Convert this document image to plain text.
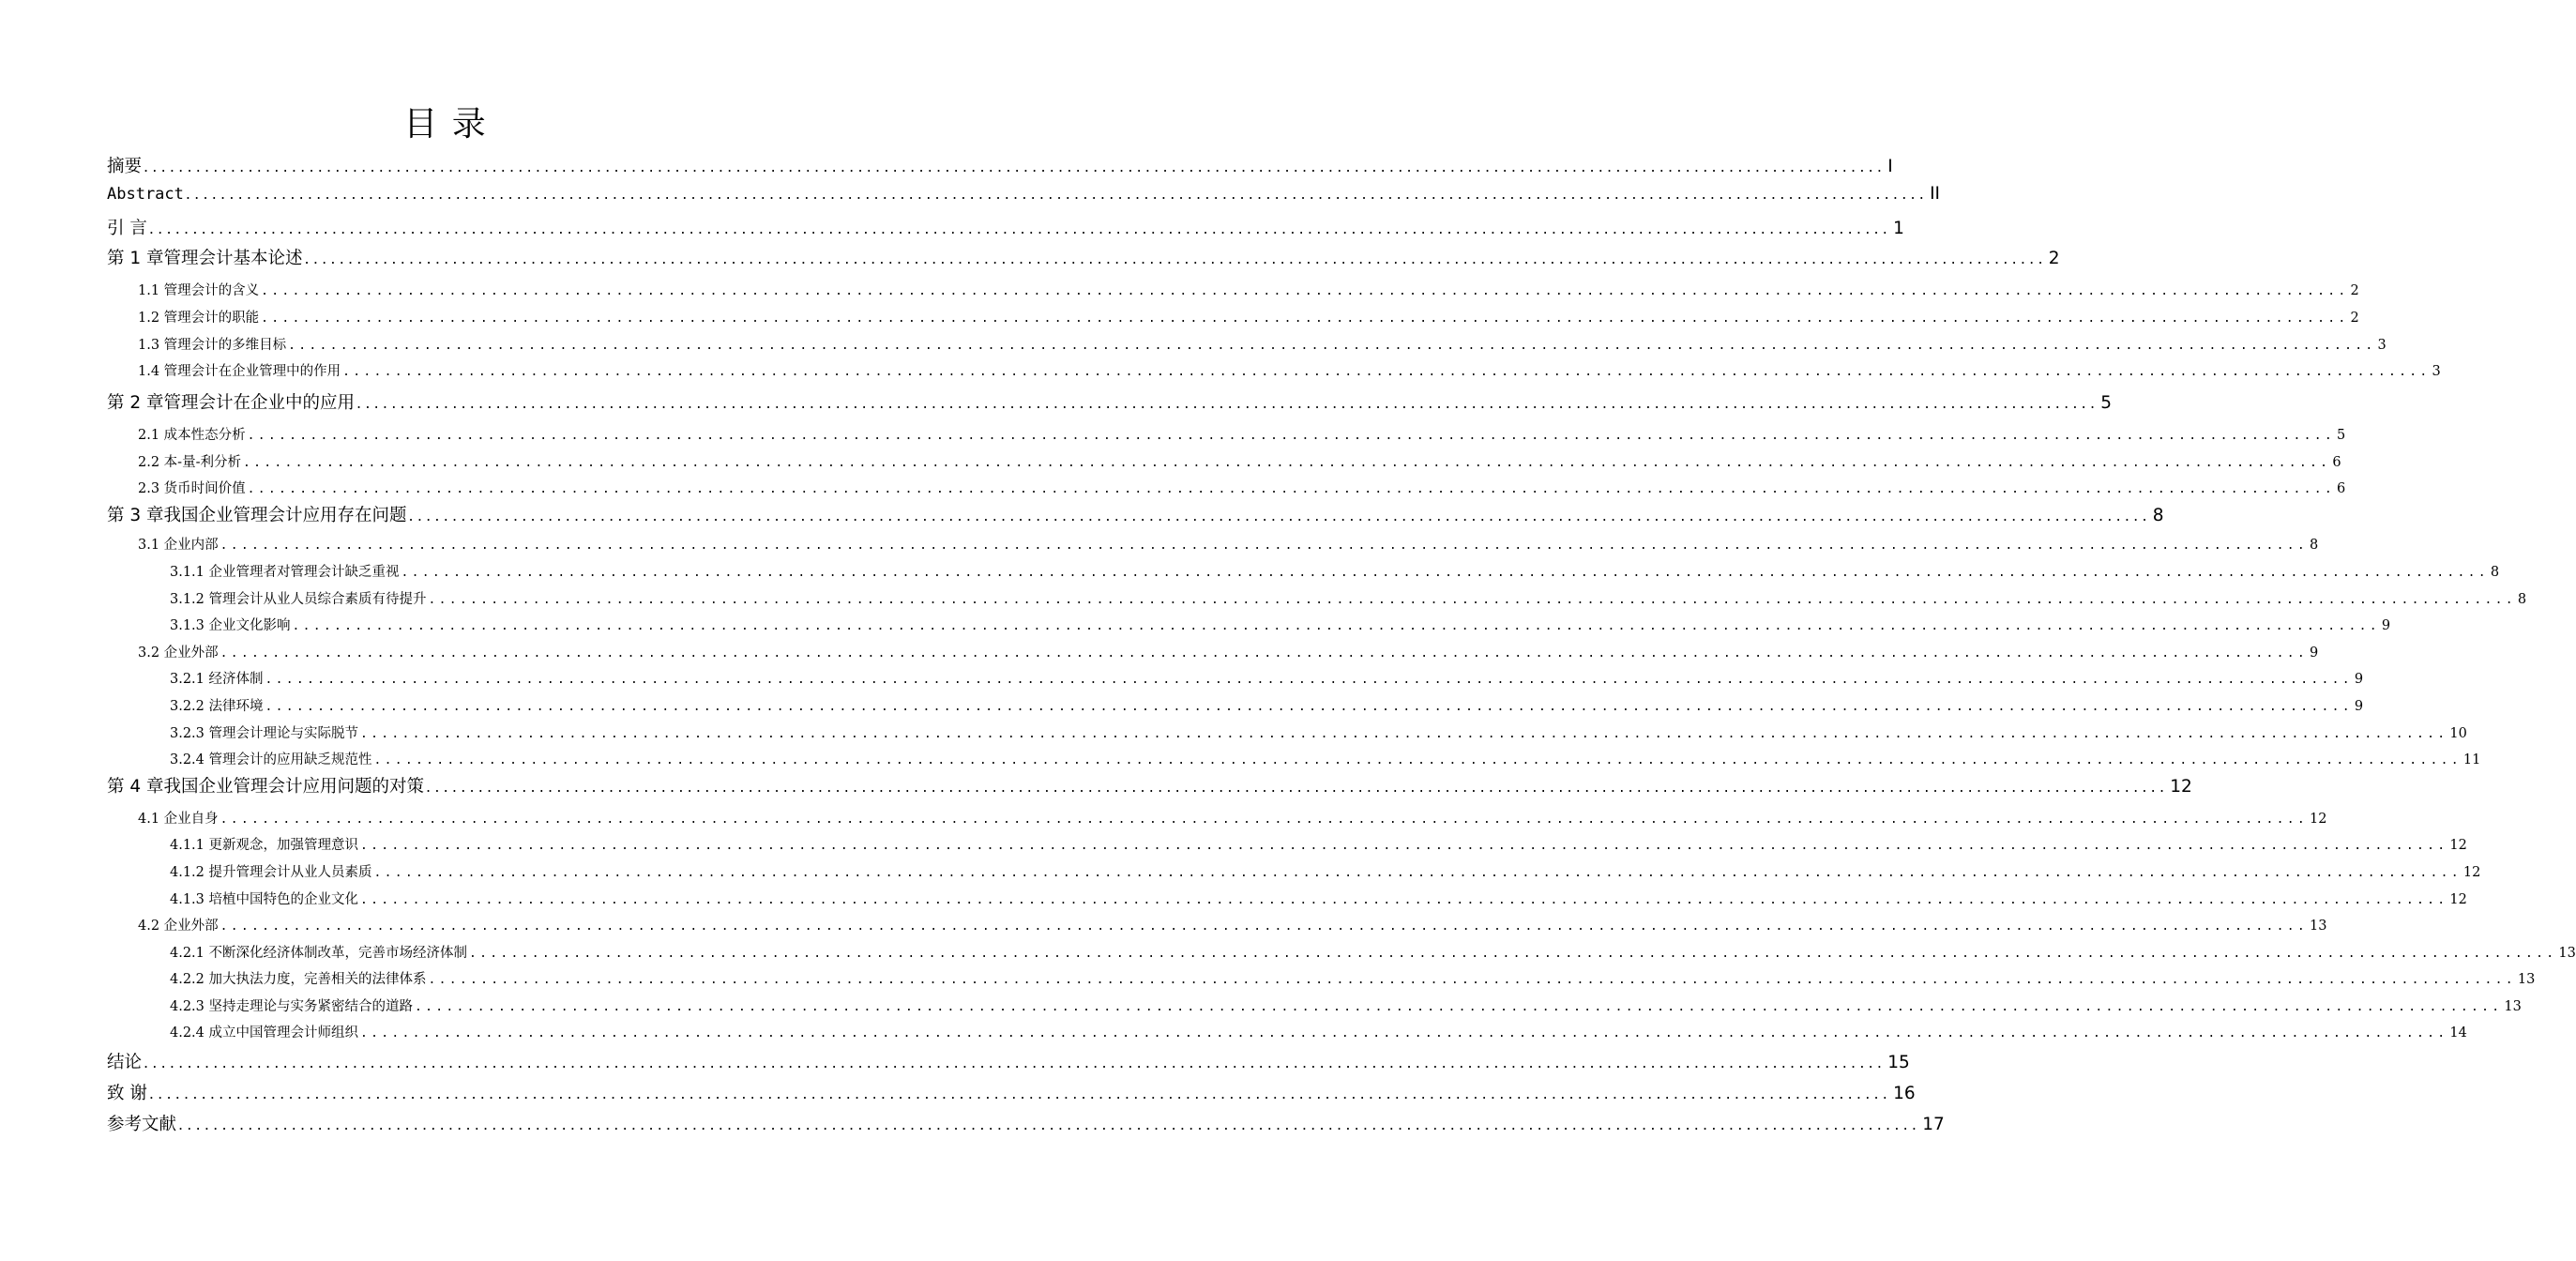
目 录
摘要 ........................................................................................................................................................................................................ I
Abstract ........................................................................................................................................................................................................ II
引 言 ........................................................................................................................................................................................................ 1
第 1 章管理会计基本论述 ........................................................................................................................................................................................................ 2
1.1 管理会计的含义 ........................................................................................................................................................................................................ 2
1.2 管理会计的职能 ........................................................................................................................................................................................................ 2
1.3 管理会计的多维目标 ........................................................................................................................................................................................................ 3
1.4 管理会计在企业管理中的作用 ........................................................................................................................................................................................................ 3
第 2 章管理会计在企业中的应用 ........................................................................................................................................................................................................ 5
2.1 成本性态分析 ........................................................................................................................................................................................................ 5
2.2 本-量-利分析 ........................................................................................................................................................................................................ 6
2.3 货币时间价值 ........................................................................................................................................................................................................ 6
第 3 章我国企业管理会计应用存在问题 ........................................................................................................................................................................................................ 8
3.1 企业内部 ........................................................................................................................................................................................................ 8
3.1.1 企业管理者对管理会计缺乏重视 ........................................................................................................................................................................................................ 8
3.1.2 管理会计从业人员综合素质有待提升 ........................................................................................................................................................................................................ 8
3.1.3 企业文化影响 ........................................................................................................................................................................................................ 9
3.2 企业外部 ........................................................................................................................................................................................................ 9
3.2.1 经济体制 ........................................................................................................................................................................................................ 9
3.2.2 法律环境 ........................................................................................................................................................................................................ 9
3.2.3 管理会计理论与实际脱节 ........................................................................................................................................................................................................ 10
3.2.4 管理会计的应用缺乏规范性 ........................................................................................................................................................................................................ 11
第 4 章我国企业管理会计应用问题的对策 ........................................................................................................................................................................................................ 12
4.1 企业自身 ........................................................................................................................................................................................................ 12
4.1.1 更新观念，加强管理意识 ........................................................................................................................................................................................................ 12
4.1.2 提升管理会计从业人员素质 ........................................................................................................................................................................................................ 12
4.1.3 培植中国特色的企业文化 ........................................................................................................................................................................................................ 12
4.2 企业外部 ........................................................................................................................................................................................................ 13
4.2.1 不断深化经济体制改革，完善市场经济体制 ........................................................................................................................................................................................................ 13
4.2.2 加大执法力度，完善相关的法律体系 ........................................................................................................................................................................................................ 13
4.2.3 坚持走理论与实务紧密结合的道路 ........................................................................................................................................................................................................ 13
4.2.4 成立中国管理会计师组织 ........................................................................................................................................................................................................ 14
结论 ........................................................................................................................................................................................................ 15
致 谢 ........................................................................................................................................................................................................ 16
参考文献 ........................................................................................................................................................................................................ 17
